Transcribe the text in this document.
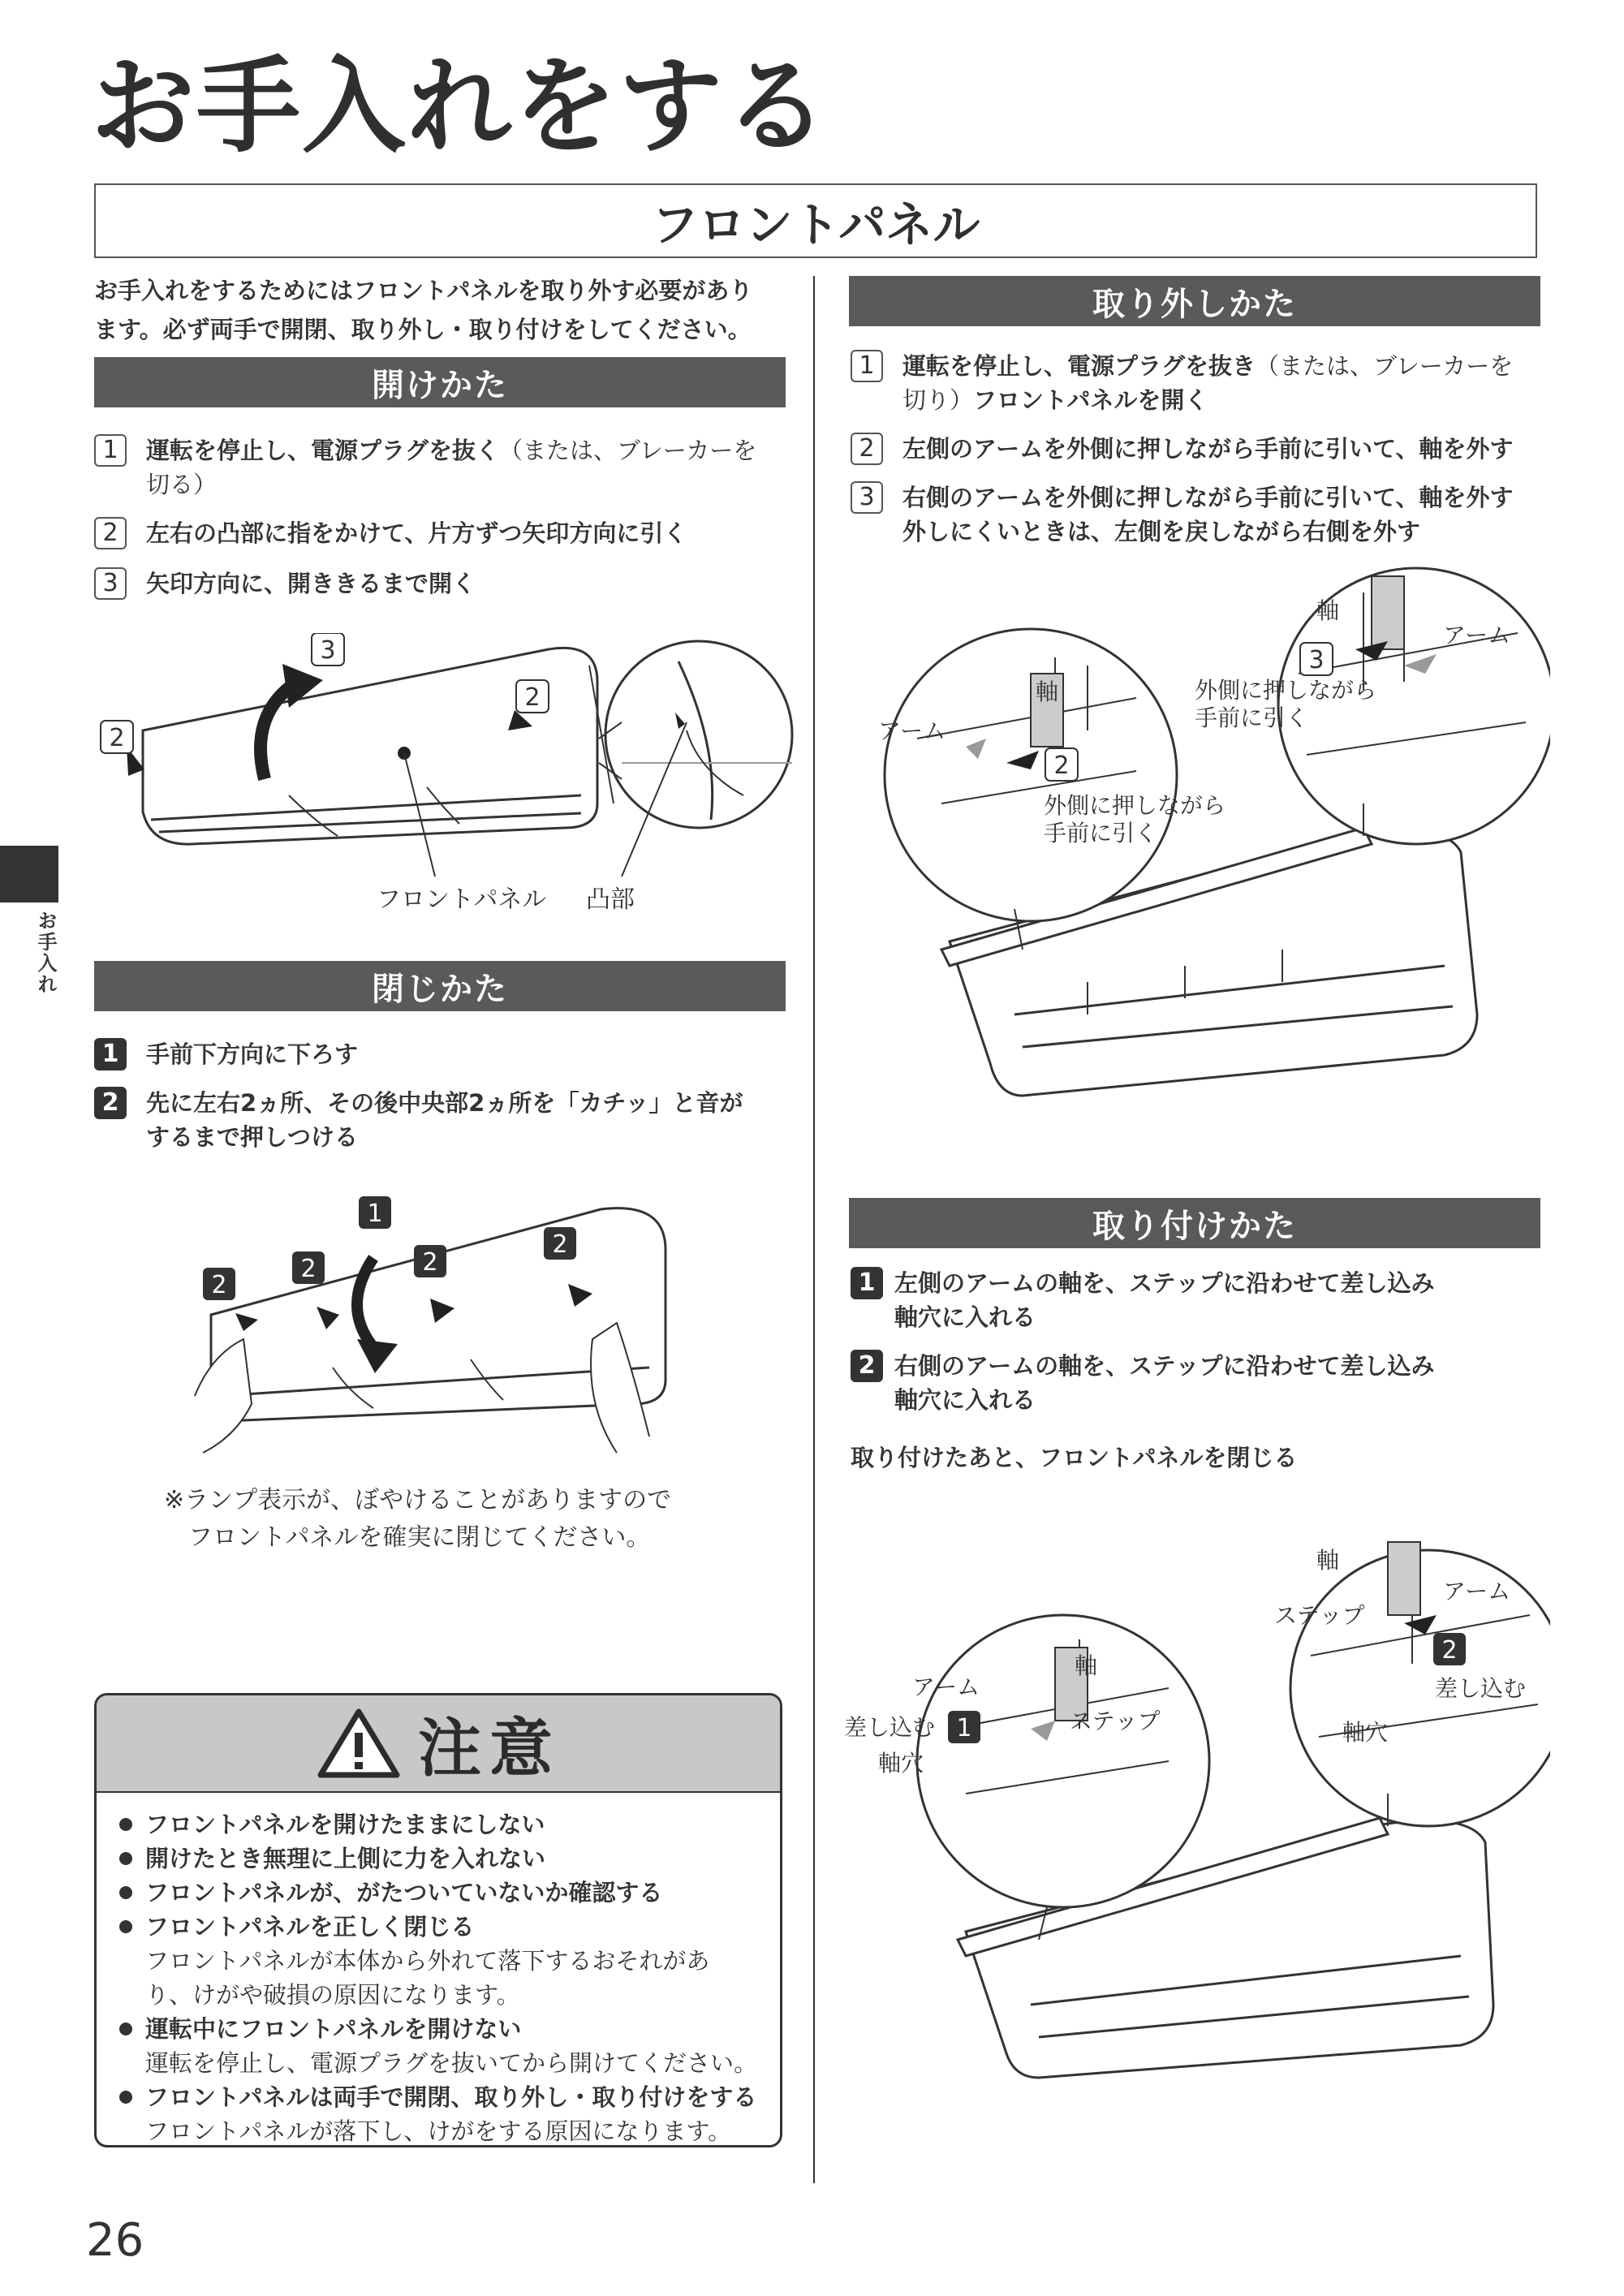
お手入れをする
フロントパネル
お手入れ
お手入れをするためにはフロントパネルを取り外す必要があり
ます。必ず両手で開閉、取り外し・取り付けをしてください。
開けかた
1	運転を停止し、電源プラグを抜く（または、ブレーカーを
切る）
2	左右の凸部に指をかけて、片方ずつ矢印方向に引く
3	矢印方向に、開ききるまで開く
3
2
2
フロントパネル 凸部
閉じかた
1	手前下方向に下ろす
2	先に左右2ヵ所、その後中央部2ヵ所を「カチッ」と音が
するまで押しつける
1
2
2	2
2
※ランプ表示が、ぼやけることがありますので
フロントパネルを確実に閉じてください。
注意
フロントパネルを開けたままにしない
開けたとき無理に上側に力を入れない
フロントパネルが、がたついていないか確認する
フロントパネルを正しく閉じる
フロントパネルが本体から外れて落下するおそれがあ
り、けがや破損の原因になります。
運転中にフロントパネルを開けない
運転を停止し、電源プラグを抜いてから開けてください。
フロントパネルは両手で開閉、取り外し・取り付けをする
フロントパネルが落下し、けがをする原因になります。
取り外しかた
1	運転を停止し、電源プラグを抜き（または、ブレーカーを
切り）フロントパネルを開く
2	左側のアームを外側に押しながら手前に引いて、軸を外す
3	右側のアームを外側に押しながら手前に引いて、軸を外す
外しにくいときは、左側を戻しながら右側を外す
アーム
軸
2
外側に押しながら
手前に引く
軸
アーム
3
外側に押しながら
手前に引く
取り付けかた
1 左側のアームの軸を、ステップに沿わせて差し込み
軸穴に入れる
2 右側のアームの軸を、ステップに沿わせて差し込み
軸穴に入れる
取り付けたあと、フロントパネルを閉じる
軸
アーム
差し込む 1	ステップ
軸穴
軸
アーム
ステップ
2
差し込む
軸穴
26
